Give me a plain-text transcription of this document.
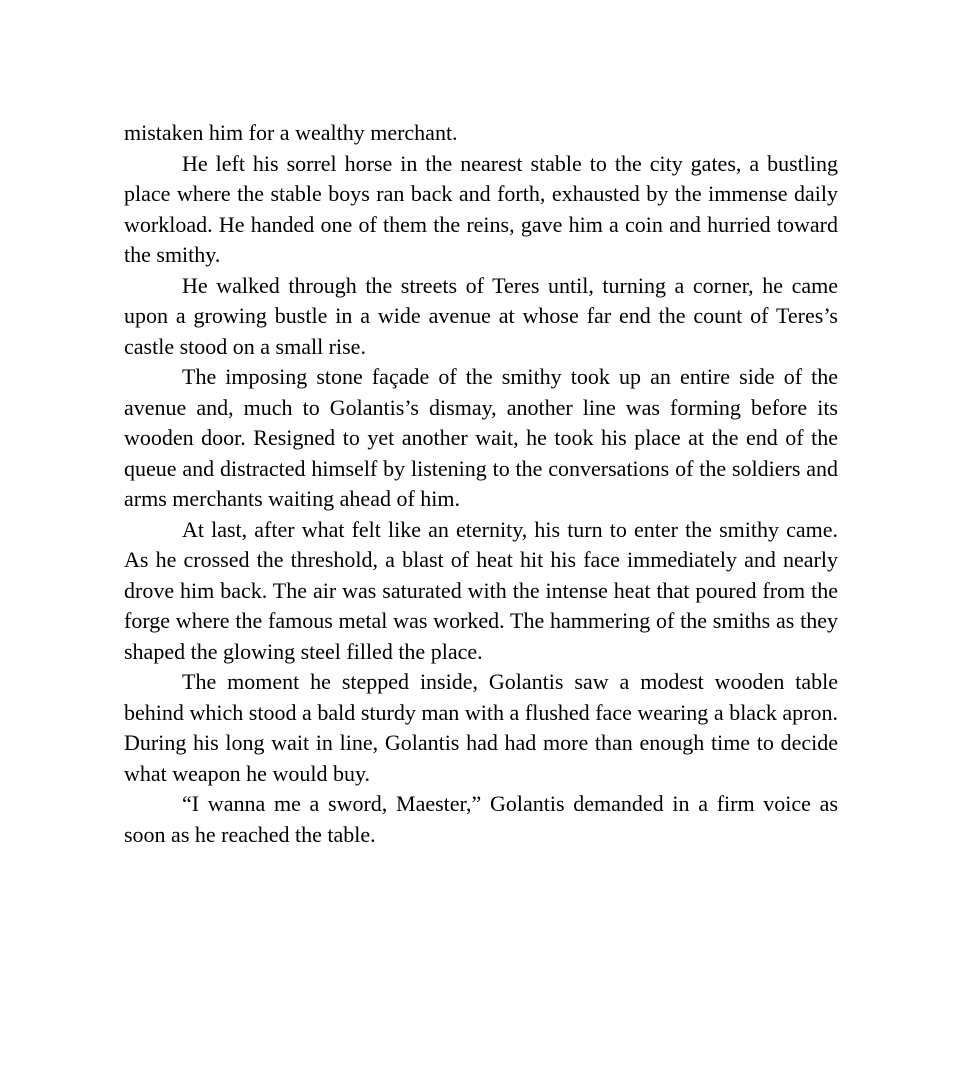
mistaken him for a wealthy merchant.

He left his sorrel horse in the nearest stable to the city gates, a bustling place where the stable boys ran back and forth, exhausted by the immense daily workload. He handed one of them the reins, gave him a coin and hurried toward the smithy.

He walked through the streets of Teres until, turning a corner, he came upon a growing bustle in a wide avenue at whose far end the count of Teres’s castle stood on a small rise.

The imposing stone façade of the smithy took up an entire side of the avenue and, much to Golantis’s dismay, another line was forming before its wooden door. Resigned to yet another wait, he took his place at the end of the queue and distracted himself by listening to the conversations of the soldiers and arms merchants waiting ahead of him.

At last, after what felt like an eternity, his turn to enter the smithy came. As he crossed the threshold, a blast of heat hit his face immediately and nearly drove him back. The air was saturated with the intense heat that poured from the forge where the famous metal was worked. The hammering of the smiths as they shaped the glowing steel filled the place.

The moment he stepped inside, Golantis saw a modest wooden table behind which stood a bald sturdy man with a flushed face wearing a black apron. During his long wait in line, Golantis had had more than enough time to decide what weapon he would buy.

“I wanna me a sword, Maester,” Golantis demanded in a firm voice as soon as he reached the table.
